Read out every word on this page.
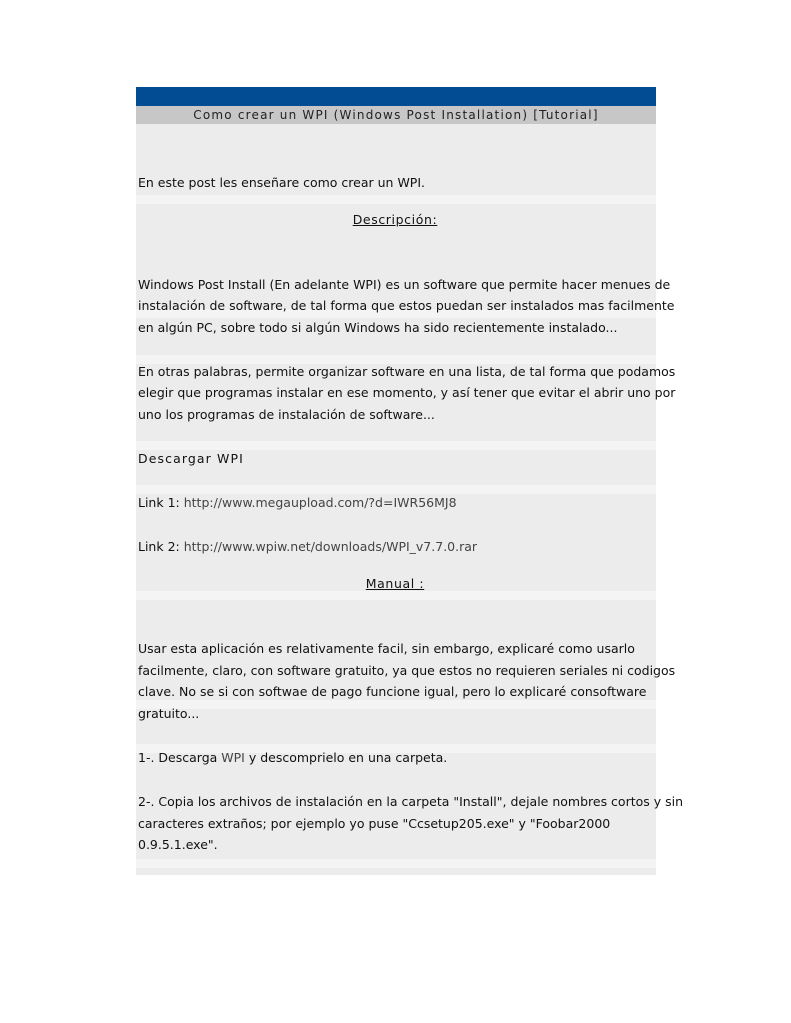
Como crear un WPI (Windows Post Installation) [Tutorial]
En este post les enseñare como crear un WPI.
Descripción:
Windows Post Install (En adelante WPI) es un software que permite hacer menues de
instalación de software, de tal forma que estos puedan ser instalados mas facilmente
en algún PC, sobre todo si algún Windows ha sido recientemente instalado...
En otras palabras, permite organizar software en una lista, de tal forma que podamos
elegir que programas instalar en ese momento, y así tener que evitar el abrir uno por
uno los programas de instalación de software...
Descargar WPI
Link 1: http://www.megaupload.com/?d=IWR56MJ8
Link 2: http://www.wpiw.net/downloads/WPI_v7.7.0.rar
Manual :
Usar esta aplicación es relativamente facil, sin embargo, explicaré como usarlo
facilmente, claro, con software gratuito, ya que estos no requieren seriales ni codigos
clave. No se si con softwae de pago funcione igual, pero lo explicaré consoftware
gratuito...
1-. Descarga WPI y descomprielo en una carpeta.
2-. Copia los archivos de instalación en la carpeta "Install", dejale nombres cortos y sin
caracteres extraños; por ejemplo yo puse "Ccsetup205.exe" y "Foobar2000
0.9.5.1.exe".
